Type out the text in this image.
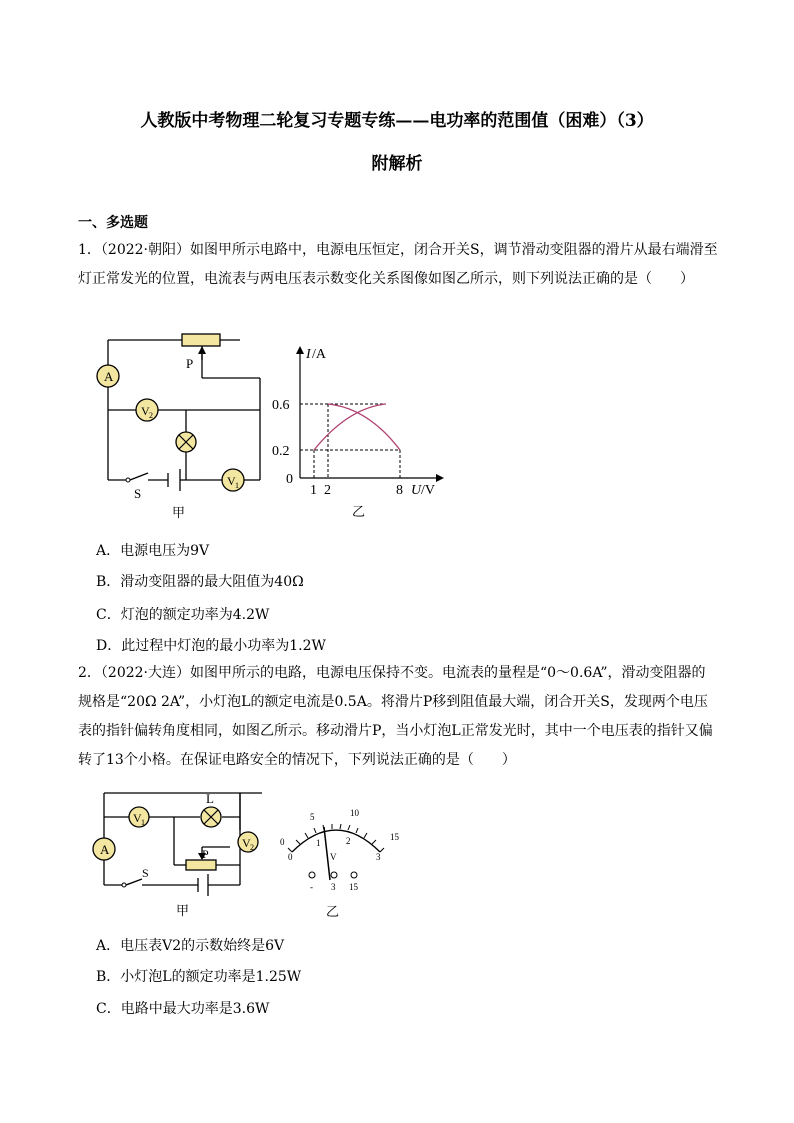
人教版中考物理二轮复习专题专练——电功率的范围值（困难）（3）
附解析
一、多选题
1．（2022·朝阳）如图甲所示电路中，电源电压恒定，闭合开关S，调节滑动变阻器的滑片从最右端滑至灯正常发光的位置，电流表与两电压表示数变化关系图像如图乙所示，则下列说法正确的是（　　）
A
P
V 2
V 1
S
甲
I /A
0.6
0.2
0
1 2	8 U /V
乙
A．电源电压为9V
B．滑动变阻器的最大阻值为40Ω
C．灯泡的额定功率为4.2W
D．此过程中灯泡的最小功率为1.2W
2．（2022·大连）如图甲所示的电路，电源电压保持不变。电流表的量程是“0～0.6A”，滑动变阻器的规格是“20Ω 2A”，小灯泡L的额定电流是0.5A。将滑片P移到阻值最大端，闭合开关S，发现两个电压表的指针偏转角度相同，如图乙所示。移动滑片P，当小灯泡L正常发光时，其中一个电压表的指针又偏转了13个小格。在保证电路安全的情况下，下列说法正确的是（　　）
V 1
L
A	V 2
P
S
甲
5	10
15
0
0
1	2
3
V
- 3 15
乙
A．电压表V2的示数始终是6V
B．小灯泡L的额定功率是1.25W
C．电路中最大功率是3.6W
